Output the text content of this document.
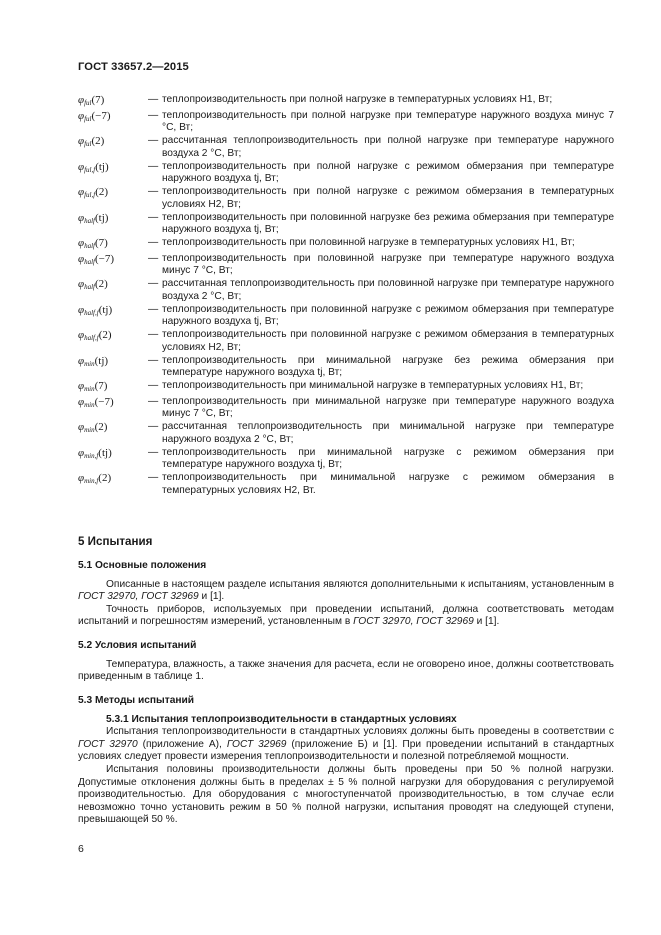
ГОСТ 33657.2—2015
$\varphi_{ful}(7)$	— теплопроизводительность при полной нагрузке в температурных условиях Н1, Вт;
$\varphi_{ful}(-7)$	— теплопроизводительность при полной нагрузке при температуре наружного воздуха минус 7 °С, Вт;
$\varphi_{ful}(2)$	— рассчитанная теплопроизводительность при полной нагрузке при температуре наружного воздуха 2 °С, Вт;
$\varphi_{ful,f}(tj)$	— теплопроизводительность при полной нагрузке с режимом обмерзания при температуре наружного воздуха tj, Вт;
$\varphi_{ful,f}(2)$	— теплопроизводительность при полной нагрузке с режимом обмерзания в температурных условиях Н2, Вт;
$\varphi_{half}(tj)$	— теплопроизводительность при половинной нагрузке без режима обмерзания при температуре наружного воздуха tj, Вт;
$\varphi_{half}(7)$	— теплопроизводительность при половинной нагрузке в температурных условиях Н1, Вт;
$\varphi_{half}(-7)$	— теплопроизводительность при половинной нагрузке при температуре наружного воздуха минус 7 °С, Вт;
$\varphi_{half}(2)$	— рассчитанная теплопроизводительность при половинной нагрузке при температуре наружного воздуха 2 °С, Вт;
$\varphi_{half,f}(tj)$	— теплопроизводительность при половинной нагрузке с режимом обмерзания при температуре наружного воздуха tj, Вт;
$\varphi_{half,f}(2)$	— теплопроизводительность при половинной нагрузке с режимом обмерзания в температурных условиях Н2, Вт;
$\varphi_{min}(tj)$	— теплопроизводительность при минимальной нагрузке без режима обмерзания при температуре наружного воздуха tj, Вт;
$\varphi_{min}(7)$	— теплопроизводительность при минимальной нагрузке в температурных условиях Н1, Вт;
$\varphi_{min}(-7)$	— теплопроизводительность при минимальной нагрузке при температуре наружного воздуха минус 7 °С, Вт;
$\varphi_{min}(2)$	— рассчитанная теплопроизводительность при минимальной нагрузке при температуре наружного воздуха 2 °С, Вт;
$\varphi_{min,f}(tj)$	— теплопроизводительность при минимальной нагрузке с режимом обмерзания при температуре наружного воздуха tj, Вт;
$\varphi_{min,f}(2)$	— теплопроизводительность при минимальной нагрузке с режимом обмерзания в температурных условиях Н2, Вт.
5 Испытания
5.1 Основные положения

Описанные в настоящем разделе испытания являются дополнительными к испытаниям, установленным в ГОСТ 32970, ГОСТ 32969 и [1].

Точность приборов, используемых при проведении испытаний, должна соответствовать методам испытаний и погрешностям измерений, установленным в ГОСТ 32970, ГОСТ 32969 и [1].

5.2 Условия испытаний

Температура, влажность, а также значения для расчета, если не оговорено иное, должны соответствовать приведенным в таблице 1.

5.3 Методы испытаний
5.3.1 Испытания теплопроизводительности в стандартных условиях

Испытания теплопроизводительности в стандартных условиях должны быть проведены в соответствии с ГОСТ 32970 (приложение А), ГОСТ 32969 (приложение Б) и [1]. При проведении испытаний в стандартных условиях следует провести измерения теплопроизводительности и полезной потребляемой мощности.

Испытания половины производительности должны быть проведены при 50 % полной нагрузки. Допустимые отклонения должны быть в пределах ± 5 % полной нагрузки для оборудования с регулируемой производительностью. Для оборудования с многоступенчатой производительностью, в том случае если невозможно точно установить режим в 50 % полной нагрузки, испытания проводят на следующей ступени, превышающей 50 %.

6
